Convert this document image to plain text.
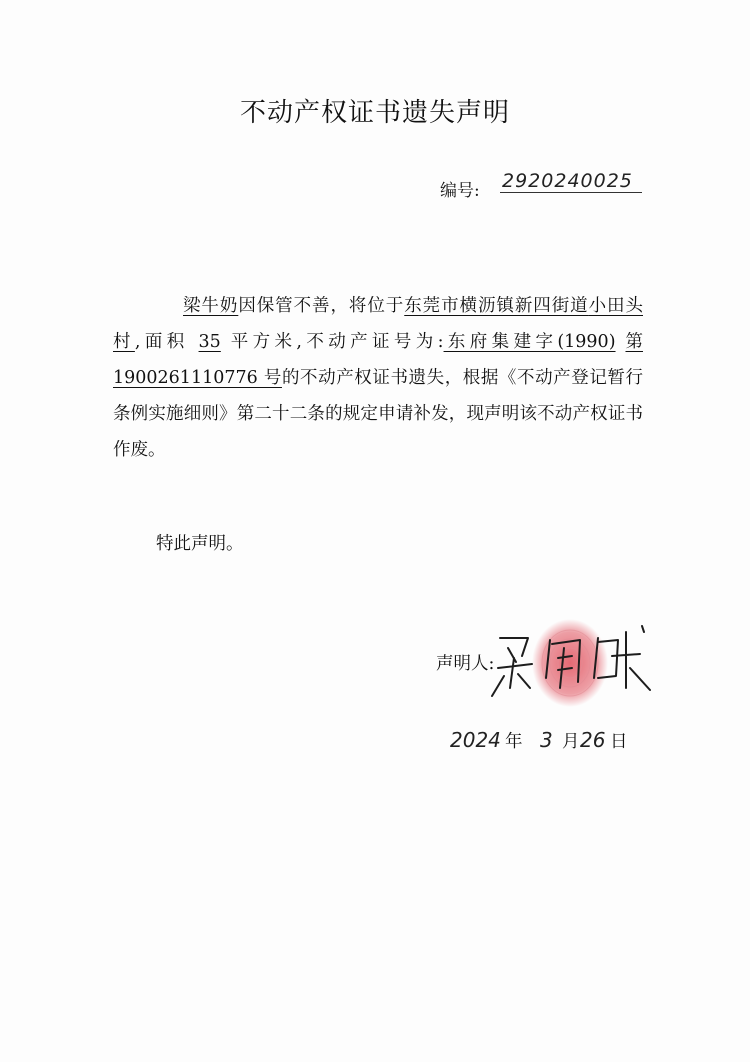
不动产权证书遗失声明
编号: 2920240025

梁牛奶因保管不善，将位于东莞市横沥镇新四街道小田头村,面积 35 平方米,不动产证号为:东府集建字(1990) 第 1900261110776 号的不动产权证书遗失，根据《不动产登记暂行条例实施细则》第二十二条的规定申请补发，现声明该不动产权证书作废。

特此声明。
声明人:
2024 年 3 月 26 日
